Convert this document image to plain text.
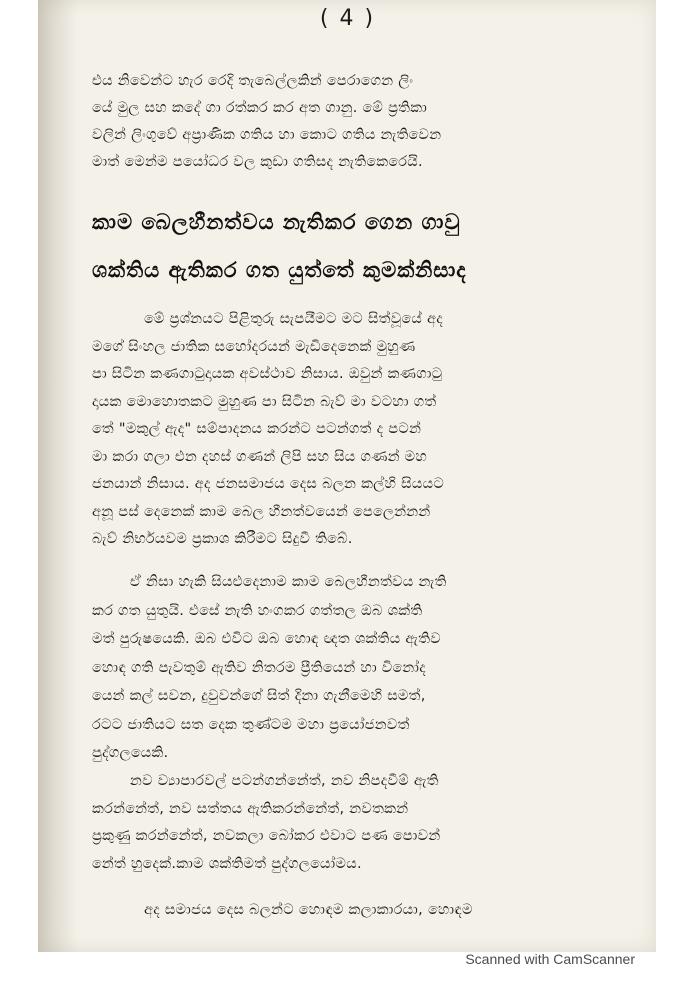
( 4 )
එය නිවෙන්ට හැර රෙදි තැබෙල්ලකින් පෙරාගෙන ලිං
යේ මුල සහ කදේ ගා රත්කර කර අත ගානු. මේ ප්‍රතිකා
වලින් ලිංගුවේ අප්‍රාණික ගතිය හා කොට ගතිය නැතිවෙන
මාත් මෙන්ම පයෝධර වල කුඩා ගතිසද නැතිකෙරෙයි.
කාම බෙලහීනත්වය නැතිකර ගෙන ගාවු
ශක්තිය ඇතිකර ගත යුත්තේ කුමක්නිසාද
මේ ප්‍රශ්නයට පිළිතුරු සැපයීමට මට සිත්වූයේ අද
මගේ සිංහල ජාතික සහෝදරයන් මැඩිදෙනෙක් මුහුණ
පා සිටින කණගාටුදායක අවස්ථාව නිසාය. ඔවුන් කණගාටු
දායක මොහොතකට මුහුණ පා සිටින බැව් මා වටහා ගත්
තේ "මකුල් ඇද" සම්පාදනය කරන්ට පටන්ගත් ද පටන්
මා කරා ගලා එන දහස් ගණන් ලිපි සහ සිය ගණන් මහ
ජනයාන් නිසාය. අද ජනසමාජය දෙස බලන කල්හි සියයට
අනූ පස් දෙනෙක් කාම බෙල හීනත්වයෙන් පෙලෙන්නන්
බැව් නිර්භයවම ප්‍රකාශ කිරීමට සිදුවී තිබේ.
ඒ නිසා හැකි සියළුදෙනාම කාම බෙලහීනත්වය නැති
කර ගත යුතුයි. එසේ නැති හංගකර ගත්තල ඔබ ශක්ති
මත් පුරුෂයෙකි. ඔබ එවිට ඔබ හොඳ ඥත ශක්තිය ඇතිව
හොඳ ගති පැවතුම් ඇතිව නිතරම ප්‍රීතියෙන් හා විනෝද
යෙන් කල් සවන, දුවුවන්ගේ සිත් දිනා ගැනීමෙහි සමත්,
රටට ජාතියට සත දෙක තුණ්ටම මහා ප්‍රයෝජනවත්
පුද්ගලයෙකි.
නව ව්‍යාපාරවල් පටන්ගන්නේත්, නව නිපදවීම් ඇති
කරන්නේත්, නව සත්තය ඇතිකරන්නේත්, නවතකන්
ප්‍රකුණු කරන්නේත්, නවකලා බෝකර එවාට පණ පොවන්
නේත් හුදෙක්.කාම ශක්තිමත් පුද්ගලයෝමය.
අද සමාජය දෙස බලන්ට හොඳම කලාකාරයා, හොඳම
Scanned with CamScanner
